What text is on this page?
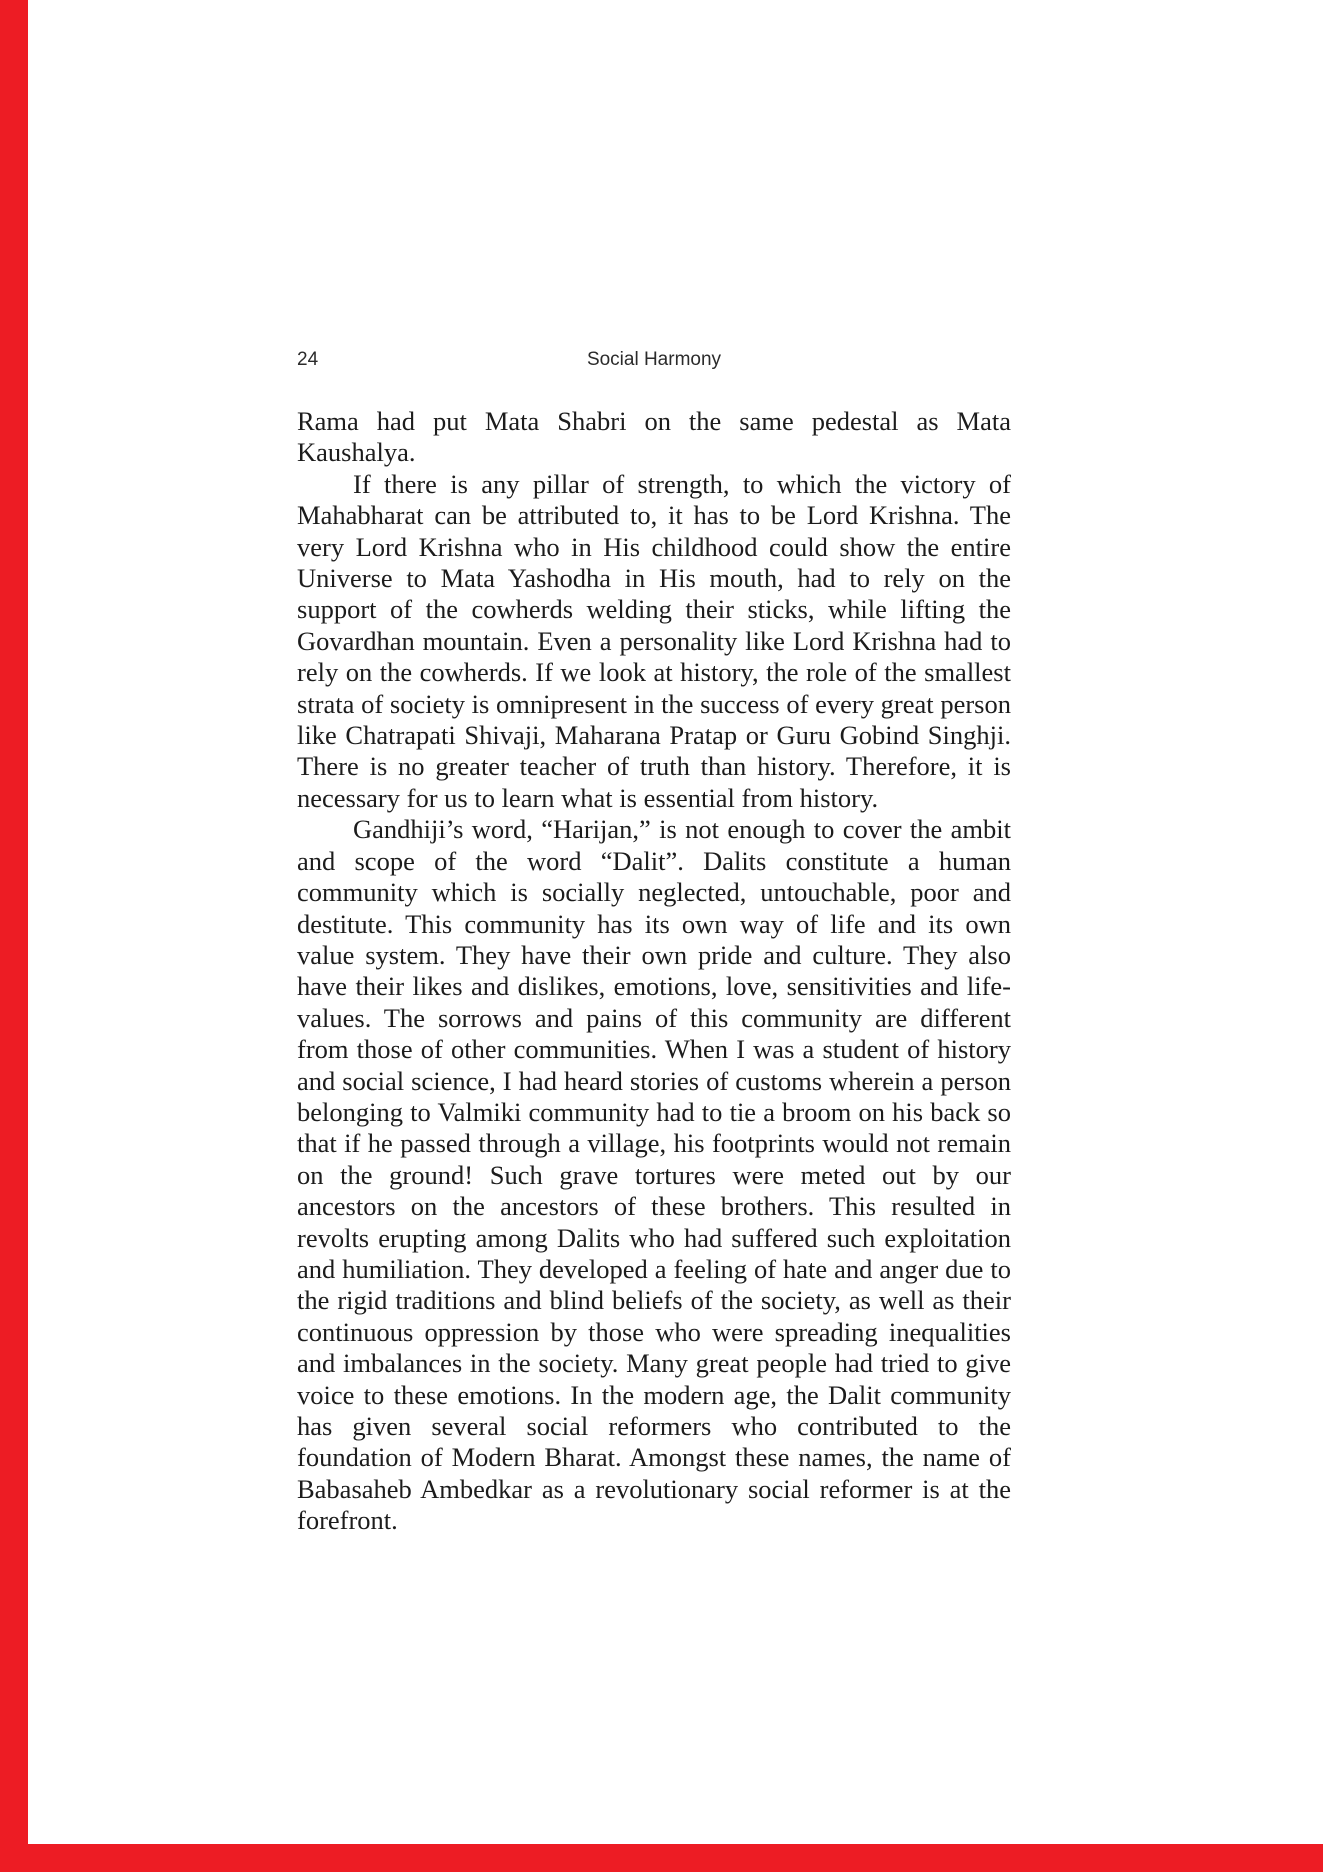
24	Social Harmony

Rama had put Mata Shabri on the same pedestal as Mata Kaushalya.

If there is any pillar of strength, to which the victory of Mahabharat can be attributed to, it has to be Lord Krishna. The very Lord Krishna who in His childhood could show the entire Universe to Mata Yashodha in His mouth, had to rely on the support of the cowherds welding their sticks, while lifting the Govardhan mountain. Even a personality like Lord Krishna had to rely on the cowherds. If we look at history, the role of the smallest strata of society is omnipresent in the success of every great person like Chatrapati Shivaji, Maharana Pratap or Guru Gobind Singhji. There is no greater teacher of truth than history. Therefore, it is necessary for us to learn what is essential from history.

Gandhiji’s word, “Harijan,” is not enough to cover the ambit and scope of the word “Dalit”. Dalits constitute a human community which is socially neglected, untouchable, poor and destitute. This community has its own way of life and its own value system. They have their own pride and culture. They also have their likes and dislikes, emotions, love, sensitivities and life-values. The sorrows and pains of this community are different from those of other communities. When I was a student of history and social science, I had heard stories of customs wherein a person belonging to Valmiki community had to tie a broom on his back so that if he passed through a village, his footprints would not remain on the ground! Such grave tortures were meted out by our ancestors on the ancestors of these brothers. This resulted in revolts erupting among Dalits who had suffered such exploitation and humiliation. They developed a feeling of hate and anger due to the rigid traditions and blind beliefs of the society, as well as their continuous oppression by those who were spreading inequalities and imbalances in the society. Many great people had tried to give voice to these emotions. In the modern age, the Dalit community has given several social reformers who contributed to the foundation of Modern Bharat. Amongst these names, the name of Babasaheb Ambedkar as a revolutionary social reformer is at the forefront.
